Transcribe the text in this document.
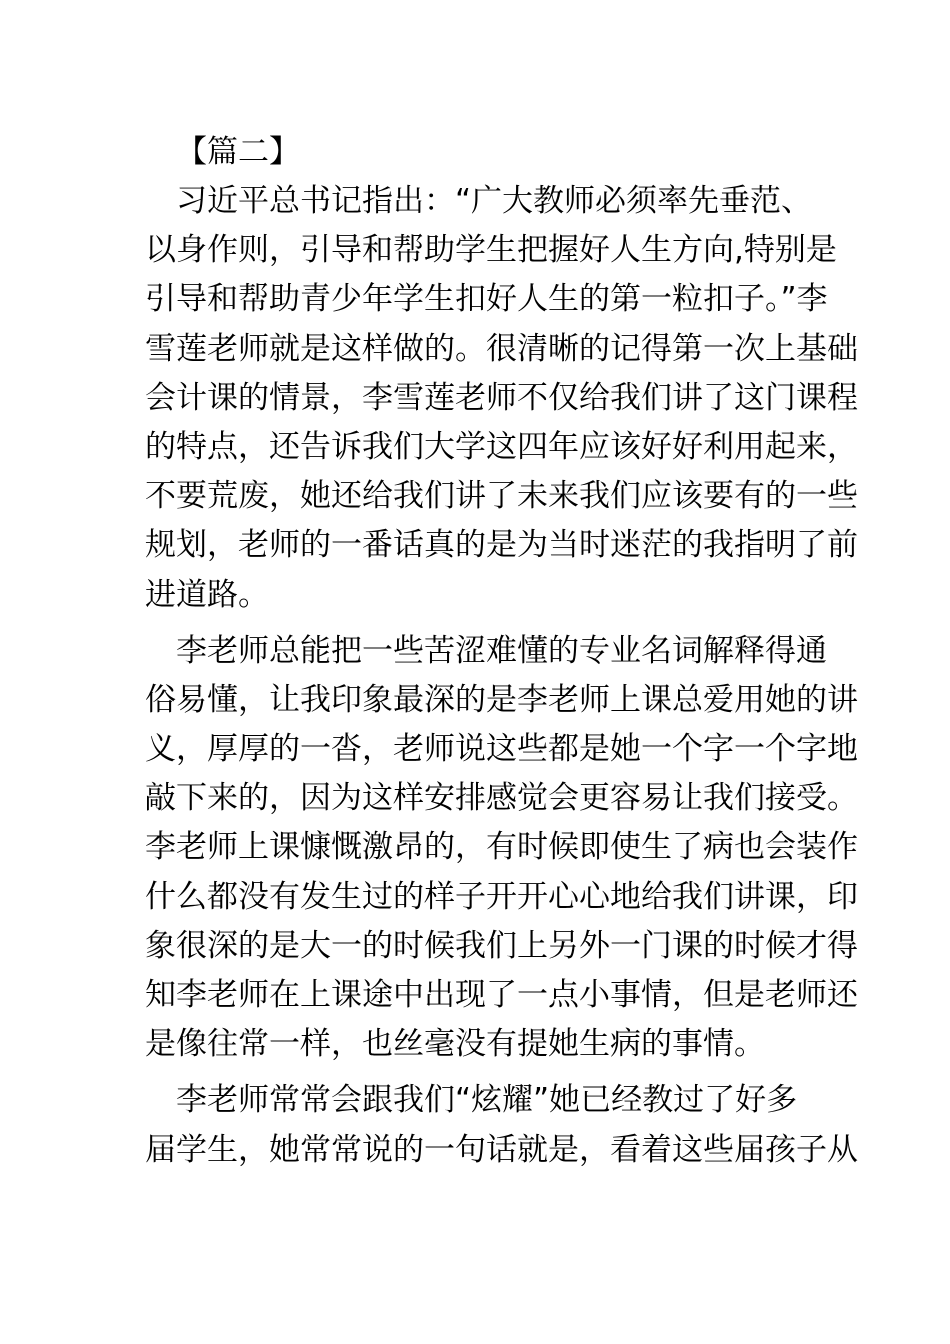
【篇二】

习近平总书记指出：“广大教师必须率先垂范、
以身作则，引导和帮助学生把握好人生方向,特别是
引导和帮助青少年学生扣好人生的第一粒扣子。”李
雪莲老师就是这样做的。很清晰的记得第一次上基础
会计课的情景，李雪莲老师不仅给我们讲了这门课程
的特点，还告诉我们大学这四年应该好好利用起来，
不要荒废，她还给我们讲了未来我们应该要有的一些
规划，老师的一番话真的是为当时迷茫的我指明了前
进道路。
李老师总能把一些苦涩难懂的专业名词解释得通
俗易懂，让我印象最深的是李老师上课总爱用她的讲
义，厚厚的一沓，老师说这些都是她一个字一个字地
敲下来的，因为这样安排感觉会更容易让我们接受。
李老师上课慷慨激昂的，有时候即使生了病也会装作
什么都没有发生过的样子开开心心地给我们讲课，印
象很深的是大一的时候我们上另外一门课的时候才得
知李老师在上课途中出现了一点小事情，但是老师还
是像往常一样，也丝毫没有提她生病的事情。
李老师常常会跟我们“炫耀”她已经教过了好多
届学生，她常常说的一句话就是，看着这些届孩子从
